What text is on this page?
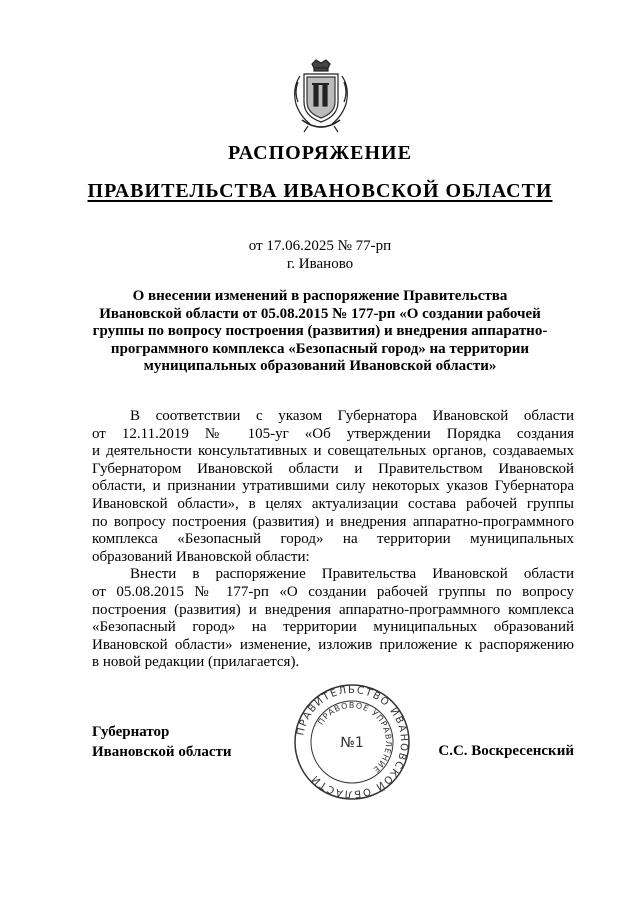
РАСПОРЯЖЕНИЕ
ПРАВИТЕЛЬСТВА ИВАНОВСКОЙ ОБЛАСТИ
от 17.06.2025 № 77-рп
г. Иваново
О внесении изменений в распоряжение Правительства
Ивановской области от 05.08.2015 № 177-рп «О создании рабочей
группы по вопросу построения (развития) и внедрения аппаратно-
программного комплекса «Безопасный город» на территории
муниципальных образований Ивановской области»
В соответствии с указом Губернатора Ивановской области
от 12.11.2019 № 105-уг «Об утверждении Порядка создания
и деятельности консультативных и совещательных органов, создаваемых
Губернатором Ивановской области и Правительством Ивановской
области, и признании утратившими силу некоторых указов Губернатора
Ивановской области», в целях актуализации состава рабочей группы
по вопросу построения (развития) и внедрения аппаратно-программного
комплекса «Безопасный город» на территории муниципальных
образований Ивановской области:
Внести в распоряжение Правительства Ивановской области
от 05.08.2015 № 177-рп «О создании рабочей группы по вопросу
построения (развития) и внедрения аппаратно-программного комплекса
«Безопасный город» на территории муниципальных образований
Ивановской области» изменение, изложив приложение к распоряжению
в новой редакции (прилагается).
Губернатор
Ивановской области	С.С. Воскресенский
ПРАВИТЕЛЬСТВО ИВАНОВСКОЙ ОБЛАСТИ
ПРАВОВОЕ УПРАВЛЕНИЕ
№1
